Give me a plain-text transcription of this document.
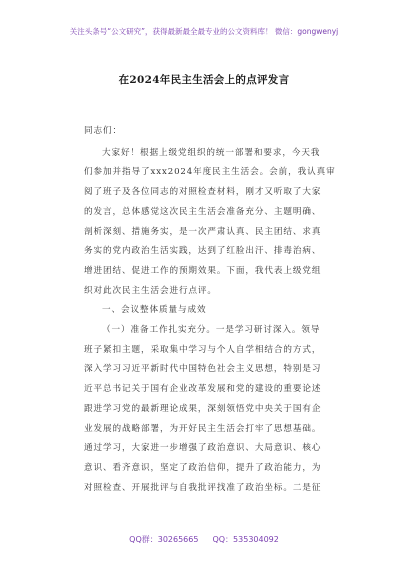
关注头条号“公文研究”，获得最新最全最专业的公文资料库！ 微信：gongwenyj
在2024年民主生活会上的点评发言

同志们：

大家好！根据上级党组织的统一部署和要求，今天我

们参加并指导了xxx2024年度民主生活会。会前，我认真审

阅了班子及各位同志的对照检查材料，刚才又听取了大家

的发言，总体感觉这次民主生活会准备充分、主题明确、

剖析深刻、措施务实，是一次严肃认真、民主团结、求真

务实的党内政治生活实践，达到了红脸出汗、排毒治病、

增进团结、促进工作的预期效果。下面，我代表上级党组

织对此次民主生活会进行点评。

一、会议整体质量与成效

（一）准备工作扎实充分。一是学习研讨深入。领导

班子紧扣主题，采取集中学习与个人自学相结合的方式，

深入学习习近平新时代中国特色社会主义思想，特别是习

近平总书记关于国有企业改革发展和党的建设的重要论述

跟进学习党的最新理论成果，深刻领悟党中央关于国有企

业发展的战略部署，为开好民主生活会打牢了思想基础。

通过学习，大家进一步增强了政治意识、大局意识、核心

意识、看齐意识，坚定了政治信仰，提升了政治能力，为

对照检查、开展批评与自我批评找准了政治坐标。二是征

QQ群：30265665 QQ：535304092
